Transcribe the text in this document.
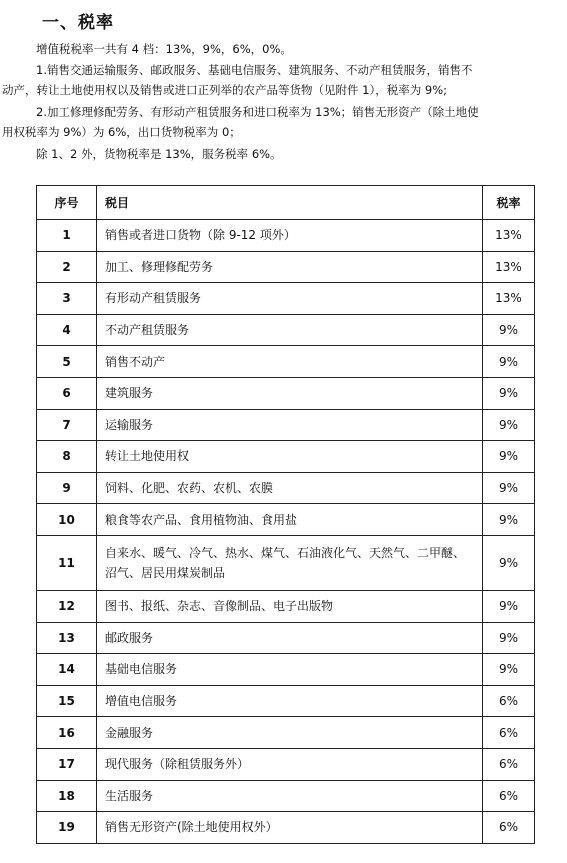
一、税率

增值税税率一共有 4 档：13%，9%，6%，0%。

1.销售交通运输服务、邮政服务、基础电信服务、建筑服务、不动产租赁服务，销售不
动产，转让土地使用权以及销售或进口正列举的农产品等货物（见附件 1），税率为 9%;

2.加工修理修配劳务、有形动产租赁服务和进口税率为 13%；销售无形资产（除土地使
用权税率为 9%）为 6%，出口货物税率为 0；

除 1、2 外，货物税率是 13%，服务税率 6%。

序号	税目	税率
1	销售或者进口货物（除 9-12 项外）	13%
2	加工、修理修配劳务	13%
3	有形动产租赁服务	13%
4	不动产租赁服务	9%
5	销售不动产	9%
6	建筑服务	9%
7	运输服务	9%
8	转让土地使用权	9%
9	饲料、化肥、农药、农机、农膜	9%
10	粮食等农产品、食用植物油、食用盐	9%
11	自来水、暖气、冷气、热水、煤气、石油液化气、天然气、二甲醚、沼气、居民用煤炭制品	9%
12	图书、报纸、杂志、音像制品、电子出版物	9%
13	邮政服务	9%
14	基础电信服务	9%
15	增值电信服务	6%
16	金融服务	6%
17	现代服务（除租赁服务外）	6%
18	生活服务	6%
19	销售无形资产(除土地使用权外）	6%
